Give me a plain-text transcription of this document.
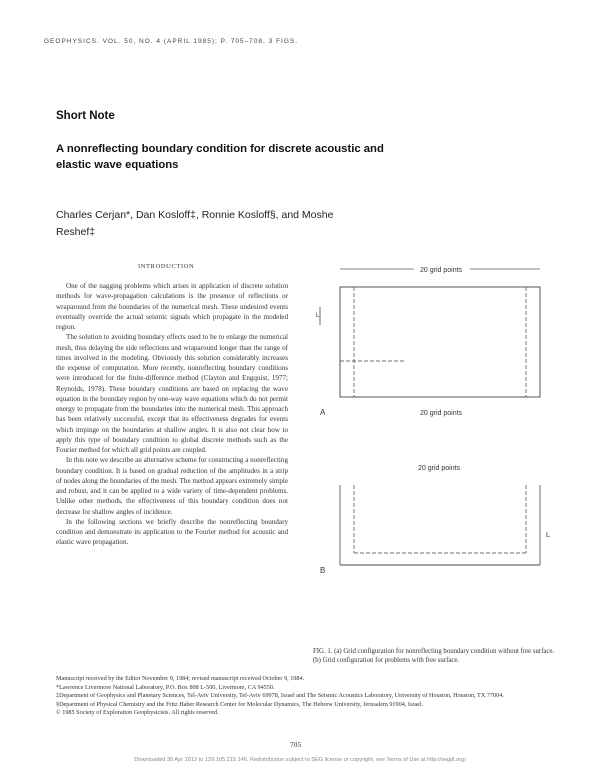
GEOPHYSICS. VOL. 50, NO. 4 (APRIL 1985); P. 705–708, 3 FIGS.
Short Note
A nonreflecting boundary condition for discrete acoustic and elastic wave equations
Charles Cerjan*, Dan Kosloff‡, Ronnie Kosloff§, and Moshe Reshef‡
INTRODUCTION

One of the nagging problems which arises in application of discrete solution methods for wave-propagation calculations is the presence of reflections or wraparound from the boundaries of the numerical mesh. These undesired events eventually override the actual seismic signals which propagate in the modeled region.

The solution to avoiding boundary effects used to be to enlarge the numerical mesh, thus delaying the side reflections and wraparound longer than the range of times involved in the modeling. Obviously this solution considerably increases the expense of computation. More recently, nonreflecting boundary conditions were introduced for the finite-difference method (Clayton and Engquist, 1977; Reynolds, 1978). These boundary conditions are based on replacing the wave equation in the boundary region by one-way wave equations which do not permit energy to propagate from the boundaries into the numerical mesh. This approach has been relatively successful, except that its effectiveness degrades for events which impinge on the boundaries at shallow angles. It is also not clear how to apply this type of boundary condition to global discrete methods such as the Fourier method for which all grid points are coupled.

In this note we describe an alternative scheme for constructing a nonreflecting boundary condition. It is based on gradual reduction of the amplitudes in a strip of nodes along the boundaries of the mesh. The method appears extremely simple and robust, and it can be applied to a wide variety of time-dependent problems. Unlike other methods, the effectiveness of this boundary condition does not decrease for shallow angles of incidence.

In the following sections we briefly describe the nonreflecting boundary condition and demonstrate its application to the Fourier method for acoustic and elastic wave propagation.

20 grid points
L
A	20 grid points
20 grid points
L
B
FIG. 1. (a) Grid configuration for nonreflecting boundary condition without free surface. (b) Grid configuration for problems with free surface.
Manuscript received by the Editor November 9, 1984; revised manuscript received October 9, 1984.
*Lawrence Livermore National Laboratory, P.O. Box 808 L-500, Livermore, CA 94550.
‡Department of Geophysics and Planetary Sciences, Tel-Aviv University, Tel-Aviv 69978, Israel and The Seismic Acoustics Laboratory, University of Houston, Houston, TX 77004.
§Department of Physical Chemistry and the Fritz Haber Research Center for Molecular Dynamics, The Hebrew University, Jerusalem 91904, Israel.
© 1985 Society of Exploration Geophysicists. All rights reserved.
705
Downloaded 30 Apr 2012 to 129.105.215.146. Redistribution subject to SEG license or copyright; see Terms of Use at http://segdl.org/
